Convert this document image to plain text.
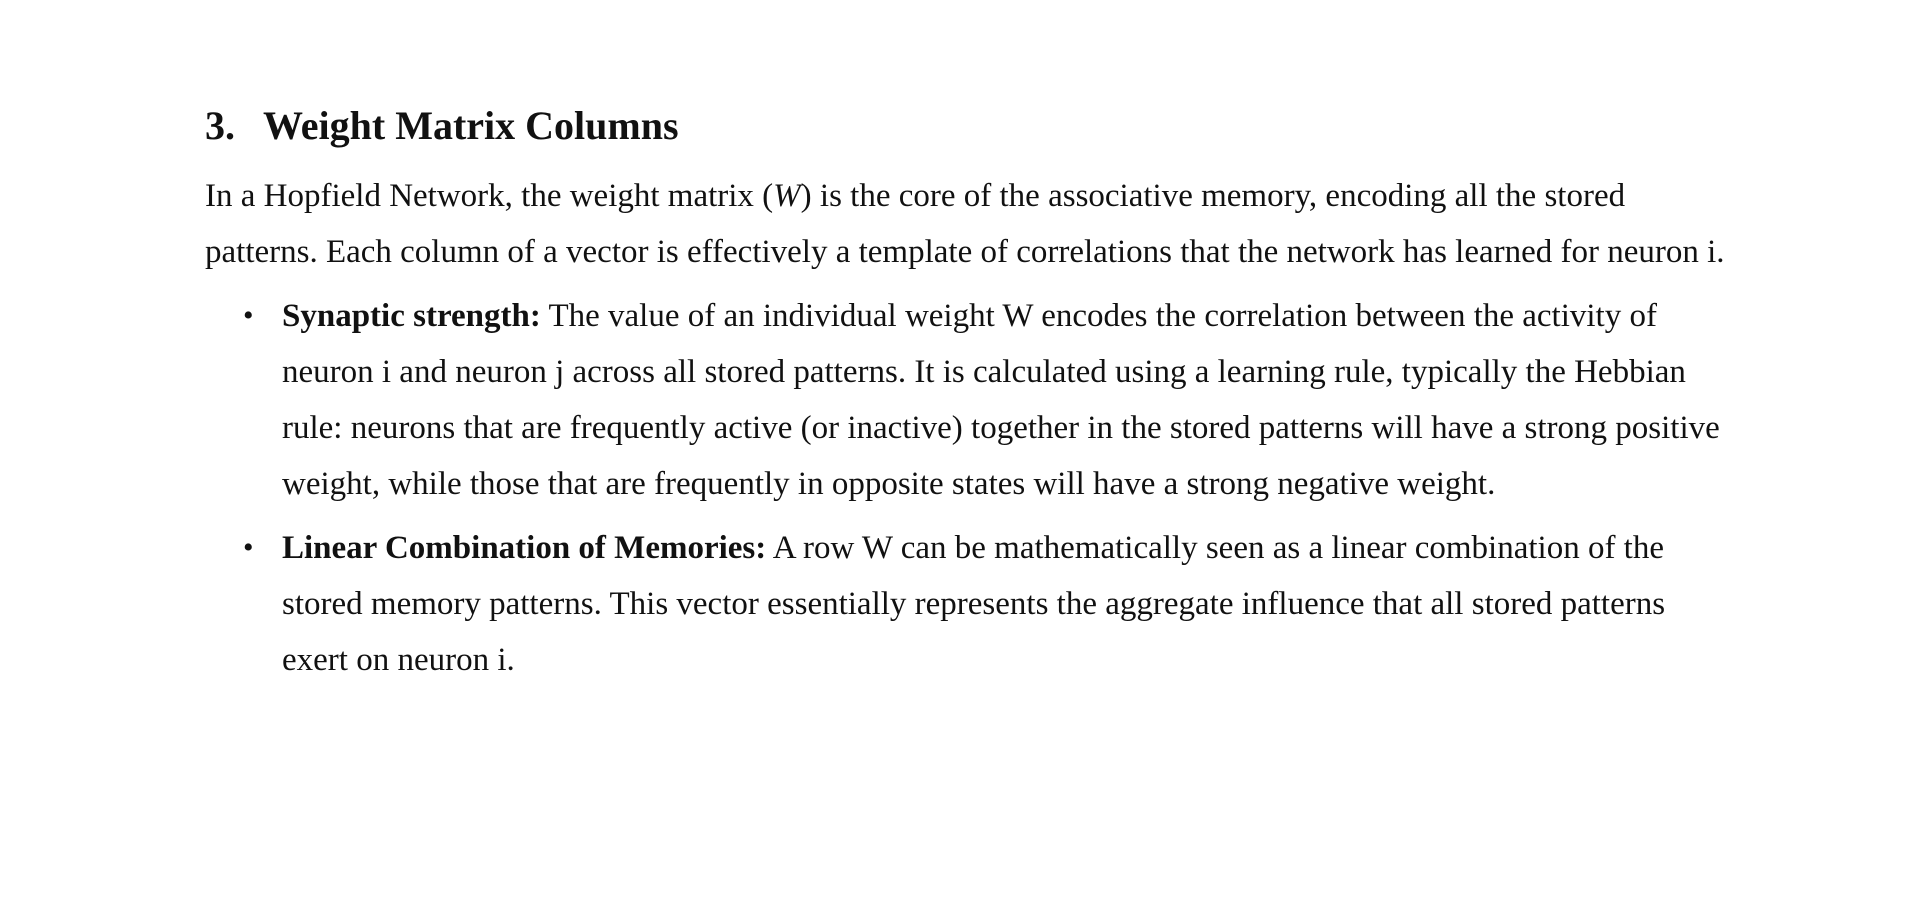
3. Weight Matrix Columns

In a Hopfield Network, the weight matrix (W) is the core of the associative memory, encoding all the stored patterns. Each column of a vector is effectively a template of correlations that the network has learned for neuron i.

• Synaptic strength: The value of an individual weight W encodes the correlation between the activity of neuron i and neuron j across all stored patterns. It is calculated using a learning rule, typically the Hebbian rule: neurons that are frequently active (or inactive) together in the stored patterns will have a strong positive weight, while those that are frequently in opposite states will have a strong negative weight.
• Linear Combination of Memories: A row W can be mathematically seen as a linear combination of the stored memory patterns. This vector essentially represents the aggregate influence that all stored patterns exert on neuron i.
